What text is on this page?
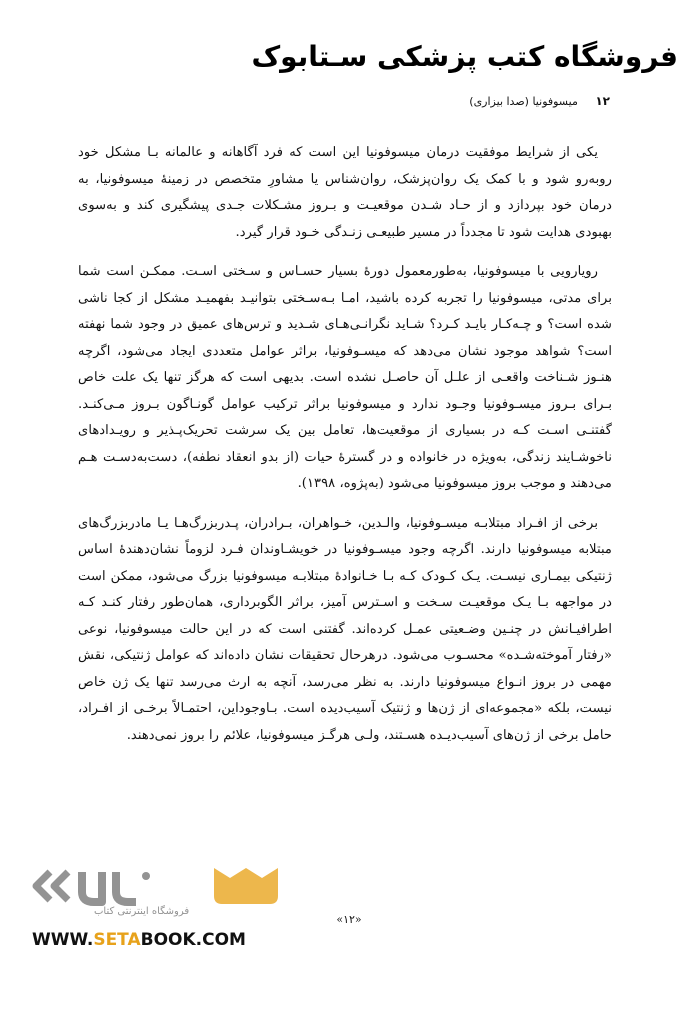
فروشگاه کتب پزشکی سـتابوک
۱۲ میسوفونیا (صدا بیزاری)

یکی از شرایط موفقیت درمان میسوفونیا این است که فرد آگاهانه و عالمانه بـا مشکل خود روبه‌رو شود و با کمک یک روان‌پزشک، روان‌شناس یا مشاورِ متخصص در زمینهٔ میسوفونیا، به درمان خود بپردازد و از حـاد شـدن موقعیـت و بـروز مشـکلات جـدی پیشگیری کند و به‌سوی بهبودی هدایت شود تا مجدداً در مسیر طبیعـی زنـدگی خـود قرار گیرد.

رویارویی با میسوفونیا، به‌طورمعمول دورهٔ بسیار حسـاس و سـختی اسـت. ممکـن است شما برای مدتی، میسوفونیا را تجربه کرده باشید، امـا بـه‌سـختی بتوانیـد بفهمیـد مشکل از کجا ناشی شده است؟ و چـه‌کـار بایـد کـرد؟ شـاید نگرانـی‌هـای شـدید و ترس‌های عمیق در وجود شما نهفته است؟ شواهد موجود نشان می‌دهد که میسـوفونیا، براثر عوامل متعددی ایجاد می‌شود، اگرچه هنـوز شـناخت واقعـی از علـل آن حاصـل نشده است. بدیهی است که هرگز تنها یک علت خاص بـرای بـروز میسـوفونیا وجـود ندارد و میسوفونیا براثر ترکیب عوامل گونـاگون بـروز مـی‌کنـد. گفتنـی اسـت کـه در بسیاری از موقعیت‌ها، تعامل بین یک سرشت تحریک‌پـذیر و رویـدادهای ناخوشـایند زندگی، به‌ویژه در خانواده و در گسترهٔ حیات (از بدو انعقاد نطفه)، دست‌به‌دسـت هـم می‌دهند و موجب بروز میسوفونیا می‌شود (به‌پژوه، ۱۳۹۸).

برخی از افـراد مبتلابـه میسـوفونیا، والـدین، خـواهران، بـرادران، پـدربزرگ‌هـا یـا مادربزرگ‌های مبتلابه میسوفونیا دارند. اگرچه وجود میسـوفونیا در خویشـاوندان فـرد لزوماً نشان‌دهندهٔ اساس ژنتیکی بیمـاری نیسـت. یـک کـودک کـه بـا خـانوادهٔ مبتلابـه میسوفونیا بزرگ می‌شود، ممکن است در مواجهه بـا یـک موقعیـت سـخت و اسـترس آمیز، براثر الگوبرداری، همان‌طور رفتار کنـد کـه اطرافیـانش در چنـین وضـعیتی عمـل کرده‌اند. گفتنی است که در این حالت میسوفونیا، نوعی «رفتار آموخته‌شـده» محسـوب می‌شود. درهرحال تحقیقات نشان داده‌اند که عوامل ژنتیکی، نقش مهمی در بروز انـواع میسوفونیا دارند. به نظر می‌رسد، آنچه به ارث می‌رسد تنها یک ژن خاص نیست، بلکه «مجموعه‌ای از ژن‌ها و ژنتیک آسیب‌دیده است. بـاوجوداین، احتمـالاً برخـی از افـراد، حامل برخی از ژن‌های آسیب‌دیـده هسـتند، ولـی هرگـز میسوفونیا، علائم را بروز نمی‌دهند.

«۱۲»
فروشگاه اینترنتی کتاب
WWW.SETABOOK.COM
